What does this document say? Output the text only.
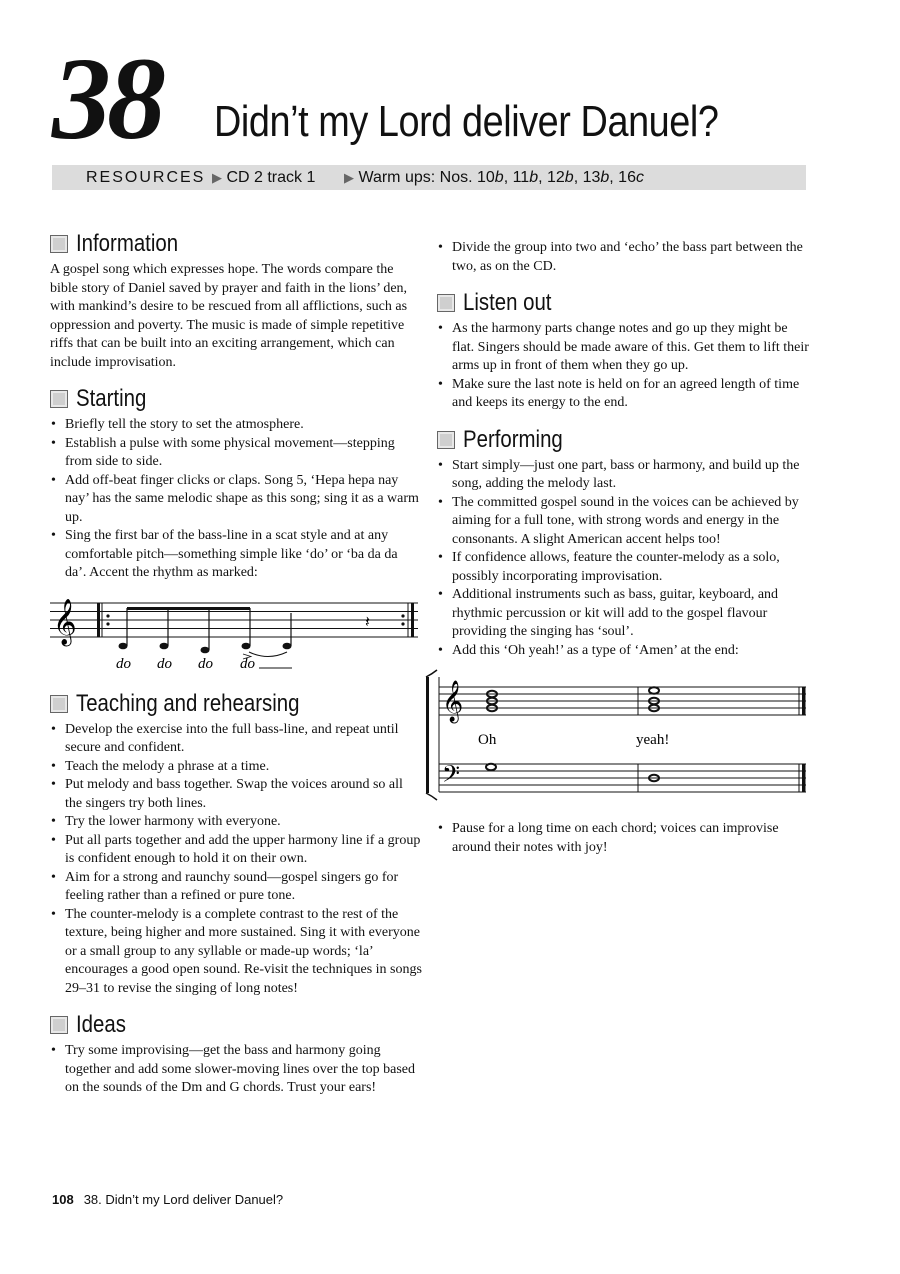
38 Didn’t my Lord deliver Danuel?
RESOURCES ▶ CD 2 track 1 ▶ Warm ups: Nos. 10b, 11b, 12b, 13b, 16c
Information
A gospel song which expresses hope. The words compare the bible story of Daniel saved by prayer and faith in the lions’ den, with mankind’s desire to be rescued from all afflictions, such as oppression and poverty. The music is made of simple repetitive riffs that can be built into an exciting arrangement, which can include improvisation.
Starting
• Briefly tell the story to set the atmosphere.
• Establish a pulse with some physical movement—stepping from side to side.
• Add off-beat finger clicks or claps. Song 5, ‘Hepa hepa nay nay’ has the same melodic shape as this song; sing it as a warm up.
• Sing the first bar of the bass-line in a scat style and at any comfortable pitch—something simple like ‘do’ or ‘ba da da da’. Accent the rhythm as marked:
𝄞	𝄽
do do do do
Teaching and rehearsing
• Develop the exercise into the full bass-line, and repeat until secure and confident.
• Teach the melody a phrase at a time.
• Put melody and bass together. Swap the voices around so all the singers try both lines.
• Try the lower harmony with everyone.
• Put all parts together and add the upper harmony line if a group is confident enough to hold it on their own.
• Aim for a strong and raunchy sound—gospel singers go for feeling rather than a refined or pure tone.
• The counter-melody is a complete contrast to the rest of the texture, being higher and more sustained. Sing it with everyone or a small group to any syllable or made-up words; ‘la’ encourages a good open sound. Re-visit the techniques in songs 29–31 to revise the singing of long notes!
Ideas
• Try some improvising—get the bass and harmony going together and add some slower-moving lines over the top based on the sounds of the Dm and G chords. Trust your ears!
• Divide the group into two and ‘echo’ the bass part between the two, as on the CD.
Listen out
• As the harmony parts change notes and go up they might be flat. Singers should be made aware of this. Get them to lift their arms up in front of them when they go up.
• Make sure the last note is held on for an agreed length of time and keeps its energy to the end.
Performing
• Start simply—just one part, bass or harmony, and build up the song, adding the melody last.
• The committed gospel sound in the voices can be achieved by aiming for a full tone, with strong words and energy in the consonants. A slight American accent helps too!
• If confidence allows, feature the counter-melody as a solo, possibly incorporating improvisation.
• Additional instruments such as bass, guitar, keyboard, and rhythmic percussion or kit will add to the gospel flavour providing the singing has ‘soul’.
• Add this ‘Oh yeah!’ as a type of ‘Amen’ at the end:
𝄞
𝄢
Oh	yeah!
• Pause for a long time on each chord; voices can improvise around their notes with joy!
108 38. Didn’t my Lord deliver Danuel?
